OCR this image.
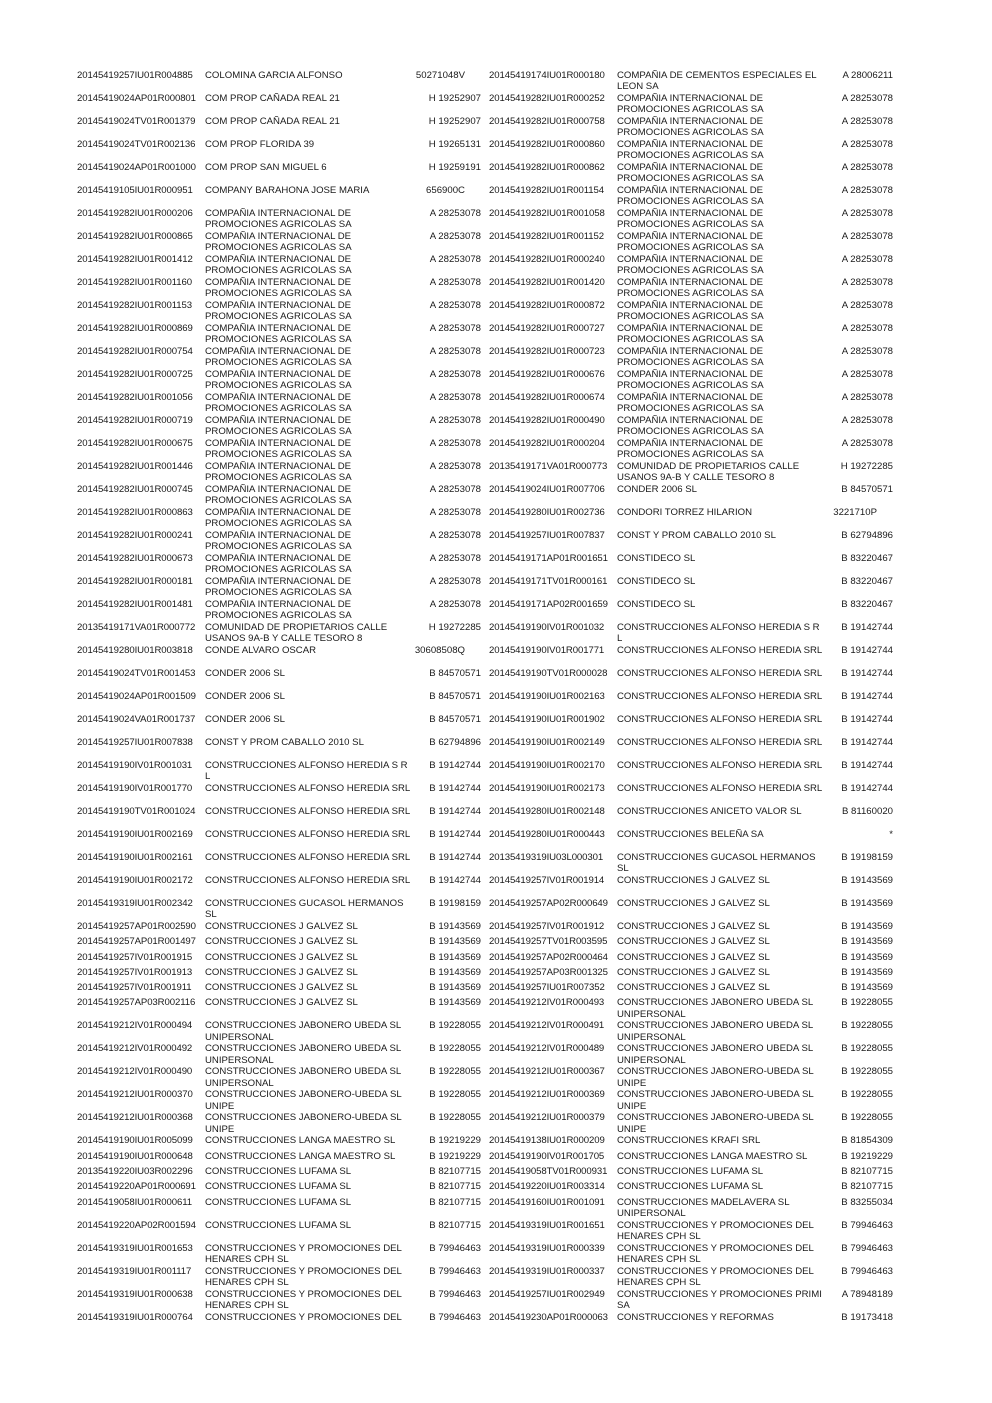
20145419257IU01R004885 COLOMINA GARCIA ALFONSO	50271048V
20145419024AP01R000801 COM PROP CAÑADA REAL 21	H 19252907
20145419024TV01R001379 COM PROP CAÑADA REAL 21	H 19252907
20145419024TV01R002136 COM PROP FLORIDA 39	H 19265131
20145419024AP01R001000 COM PROP SAN MIGUEL 6	H 19259191
20145419105IU01R000951 COMPANY BARAHONA JOSE MARIA	656900C
20145419282IU01R000206 COMPAÑIA INTERNACIONAL DE PROMOCIONES AGRICOLAS SA
A 28253078
20145419282IU01R000865 COMPAÑIA INTERNACIONAL DE PROMOCIONES AGRICOLAS SA
A 28253078
20145419282IU01R001412 COMPAÑIA INTERNACIONAL DE PROMOCIONES AGRICOLAS SA
A 28253078
20145419282IU01R001160 COMPAÑIA INTERNACIONAL DE PROMOCIONES AGRICOLAS SA
A 28253078
20145419282IU01R001153 COMPAÑIA INTERNACIONAL DE PROMOCIONES AGRICOLAS SA
A 28253078
20145419282IU01R000869 COMPAÑIA INTERNACIONAL DE PROMOCIONES AGRICOLAS SA
A 28253078
20145419282IU01R000754 COMPAÑIA INTERNACIONAL DE PROMOCIONES AGRICOLAS SA
A 28253078
20145419282IU01R000725 COMPAÑIA INTERNACIONAL DE PROMOCIONES AGRICOLAS SA
A 28253078
20145419282IU01R001056 COMPAÑIA INTERNACIONAL DE PROMOCIONES AGRICOLAS SA
A 28253078
20145419282IU01R000719 COMPAÑIA INTERNACIONAL DE PROMOCIONES AGRICOLAS SA
A 28253078
20145419282IU01R000675 COMPAÑIA INTERNACIONAL DE PROMOCIONES AGRICOLAS SA
A 28253078
20145419282IU01R001446 COMPAÑIA INTERNACIONAL DE PROMOCIONES AGRICOLAS SA
A 28253078
20145419282IU01R000745 COMPAÑIA INTERNACIONAL DE PROMOCIONES AGRICOLAS SA
A 28253078
20145419282IU01R000863 COMPAÑIA INTERNACIONAL DE PROMOCIONES AGRICOLAS SA
A 28253078
20145419282IU01R000241 COMPAÑIA INTERNACIONAL DE PROMOCIONES AGRICOLAS SA
A 28253078
20145419282IU01R000673 COMPAÑIA INTERNACIONAL DE PROMOCIONES AGRICOLAS SA
A 28253078
20145419282IU01R000181 COMPAÑIA INTERNACIONAL DE PROMOCIONES AGRICOLAS SA
A 28253078
20145419282IU01R001481 COMPAÑIA INTERNACIONAL DE PROMOCIONES AGRICOLAS SA
A 28253078
20135419171VA01R000772 COMUNIDAD DE PROPIETARIOS CALLE USANOS 9A-B Y CALLE TESORO 8
H 19272285
20145419280IU01R003818 CONDE ALVARO OSCAR	30608508Q
20145419024TV01R001453 CONDER 2006 SL	B 84570571
20145419024AP01R001509 CONDER 2006 SL	B 84570571
20145419024VA01R001737 CONDER 2006 SL	B 84570571
20145419257IU01R007838 CONST Y PROM CABALLO 2010 SL	B 62794896
20145419190IV01R001031 CONSTRUCCIONES ALFONSO HEREDIA S R L
B 19142744
20145419190IV01R001770 CONSTRUCCIONES ALFONSO HEREDIA SRL	B 19142744
20145419190TV01R001024 CONSTRUCCIONES ALFONSO HEREDIA SRL	B 19142744
20145419190IU01R002169 CONSTRUCCIONES ALFONSO HEREDIA SRL	B 19142744
20145419190IU01R002161 CONSTRUCCIONES ALFONSO HEREDIA SRL	B 19142744
20145419190IU01R002172 CONSTRUCCIONES ALFONSO HEREDIA SRL	B 19142744
20145419319IU01R002342 CONSTRUCCIONES GUCASOL HERMANOS SL
B 19198159
20145419257AP01R002590 CONSTRUCCIONES J GALVEZ SL	B 19143569
20145419257AP01R001497 CONSTRUCCIONES J GALVEZ SL	B 19143569
20145419257IV01R001915 CONSTRUCCIONES J GALVEZ SL	B 19143569
20145419257IV01R001913 CONSTRUCCIONES J GALVEZ SL	B 19143569
20145419257IV01R001911 CONSTRUCCIONES J GALVEZ SL	B 19143569
20145419257AP03R002116 CONSTRUCCIONES J GALVEZ SL	B 19143569
20145419212IV01R000494 CONSTRUCCIONES JABONERO UBEDA SL UNIPERSONAL
B 19228055
20145419212IV01R000492 CONSTRUCCIONES JABONERO UBEDA SL UNIPERSONAL
B 19228055
20145419212IV01R000490 CONSTRUCCIONES JABONERO UBEDA SL UNIPERSONAL
B 19228055
20145419212IU01R000370 CONSTRUCCIONES JABONERO-UBEDA SL UNIPE
B 19228055
20145419212IU01R000368 CONSTRUCCIONES JABONERO-UBEDA SL UNIPE
B 19228055
20145419190IU01R005099 CONSTRUCCIONES LANGA MAESTRO SL	B 19219229
20145419190IU01R000648 CONSTRUCCIONES LANGA MAESTRO SL	B 19219229
20135419220IU03R002296 CONSTRUCCIONES LUFAMA SL	B 82107715
20145419220AP01R000691 CONSTRUCCIONES LUFAMA SL	B 82107715
20145419058IU01R000611 CONSTRUCCIONES LUFAMA SL	B 82107715
20145419220AP02R001594 CONSTRUCCIONES LUFAMA SL	B 82107715
20145419319IU01R001653 CONSTRUCCIONES Y PROMOCIONES DEL HENARES CPH SL
B 79946463
20145419319IU01R001117 CONSTRUCCIONES Y PROMOCIONES DEL HENARES CPH SL
B 79946463
20145419319IU01R000638 CONSTRUCCIONES Y PROMOCIONES DEL HENARES CPH SL
B 79946463
20145419319IU01R000764 CONSTRUCCIONES Y PROMOCIONES DEL	B 79946463
20145419174IU01R000180 COMPAÑIA DE CEMENTOS ESPECIALES EL LEON SA
A 28006211
20145419282IU01R000252 COMPAÑIA INTERNACIONAL DE PROMOCIONES AGRICOLAS SA
A 28253078
20145419282IU01R000758 COMPAÑIA INTERNACIONAL DE PROMOCIONES AGRICOLAS SA
A 28253078
20145419282IU01R000860 COMPAÑIA INTERNACIONAL DE PROMOCIONES AGRICOLAS SA
A 28253078
20145419282IU01R000862 COMPAÑIA INTERNACIONAL DE PROMOCIONES AGRICOLAS SA
A 28253078
20145419282IU01R001154 COMPAÑIA INTERNACIONAL DE PROMOCIONES AGRICOLAS SA
A 28253078
20145419282IU01R001058 COMPAÑIA INTERNACIONAL DE PROMOCIONES AGRICOLAS SA
A 28253078
20145419282IU01R001152 COMPAÑIA INTERNACIONAL DE PROMOCIONES AGRICOLAS SA
A 28253078
20145419282IU01R000240 COMPAÑIA INTERNACIONAL DE PROMOCIONES AGRICOLAS SA
A 28253078
20145419282IU01R001420 COMPAÑIA INTERNACIONAL DE PROMOCIONES AGRICOLAS SA
A 28253078
20145419282IU01R000872 COMPAÑIA INTERNACIONAL DE PROMOCIONES AGRICOLAS SA
A 28253078
20145419282IU01R000727 COMPAÑIA INTERNACIONAL DE PROMOCIONES AGRICOLAS SA
A 28253078
20145419282IU01R000723 COMPAÑIA INTERNACIONAL DE PROMOCIONES AGRICOLAS SA
A 28253078
20145419282IU01R000676 COMPAÑIA INTERNACIONAL DE PROMOCIONES AGRICOLAS SA
A 28253078
20145419282IU01R000674 COMPAÑIA INTERNACIONAL DE PROMOCIONES AGRICOLAS SA
A 28253078
20145419282IU01R000490 COMPAÑIA INTERNACIONAL DE PROMOCIONES AGRICOLAS SA
A 28253078
20145419282IU01R000204 COMPAÑIA INTERNACIONAL DE PROMOCIONES AGRICOLAS SA
A 28253078
20135419171VA01R000773 COMUNIDAD DE PROPIETARIOS CALLE USANOS 9A-B Y CALLE TESORO 8
H 19272285
20145419024IU01R007706 CONDER 2006 SL	B 84570571
20145419280IU01R002736 CONDORI TORREZ HILARION	3221710P
20145419257IU01R007837 CONST Y PROM CABALLO 2010 SL	B 62794896
20145419171AP01R001651 CONSTIDECO SL	B 83220467
20145419171TV01R000161 CONSTIDECO SL	B 83220467
20145419171AP02R001659 CONSTIDECO SL	B 83220467
20145419190IV01R001032 CONSTRUCCIONES ALFONSO HEREDIA S R L
B 19142744
20145419190IV01R001771 CONSTRUCCIONES ALFONSO HEREDIA SRL	B 19142744
20145419190TV01R000028 CONSTRUCCIONES ALFONSO HEREDIA SRL	B 19142744
20145419190IU01R002163 CONSTRUCCIONES ALFONSO HEREDIA SRL	B 19142744
20145419190IU01R001902 CONSTRUCCIONES ALFONSO HEREDIA SRL	B 19142744
20145419190IU01R002149 CONSTRUCCIONES ALFONSO HEREDIA SRL	B 19142744
20145419190IU01R002170 CONSTRUCCIONES ALFONSO HEREDIA SRL	B 19142744
20145419190IU01R002173 CONSTRUCCIONES ALFONSO HEREDIA SRL	B 19142744
20145419280IU01R002148 CONSTRUCCIONES ANICETO VALOR SL	B 81160020
20145419280IU01R000443 CONSTRUCCIONES BELEÑA SA	*
20135419319IU03L000301 CONSTRUCCIONES GUCASOL HERMANOS SL
B 19198159
20145419257IV01R001914 CONSTRUCCIONES J GALVEZ SL	B 19143569
20145419257AP02R000649 CONSTRUCCIONES J GALVEZ SL	B 19143569
20145419257IV01R001912 CONSTRUCCIONES J GALVEZ SL	B 19143569
20145419257TV01R003595 CONSTRUCCIONES J GALVEZ SL	B 19143569
20145419257AP02R000464 CONSTRUCCIONES J GALVEZ SL	B 19143569
20145419257AP03R001325 CONSTRUCCIONES J GALVEZ SL	B 19143569
20145419257IU01R007352 CONSTRUCCIONES J GALVEZ SL	B 19143569
20145419212IV01R000493 CONSTRUCCIONES JABONERO UBEDA SL UNIPERSONAL
B 19228055
20145419212IV01R000491 CONSTRUCCIONES JABONERO UBEDA SL UNIPERSONAL
B 19228055
20145419212IV01R000489 CONSTRUCCIONES JABONERO UBEDA SL UNIPERSONAL
B 19228055
20145419212IU01R000367 CONSTRUCCIONES JABONERO-UBEDA SL UNIPE
B 19228055
20145419212IU01R000369 CONSTRUCCIONES JABONERO-UBEDA SL UNIPE
B 19228055
20145419212IU01R000379 CONSTRUCCIONES JABONERO-UBEDA SL UNIPE
B 19228055
20145419138IU01R000209 CONSTRUCCIONES KRAFI SRL	B 81854309
20145419190IV01R001705 CONSTRUCCIONES LANGA MAESTRO SL	B 19219229
20145419058TV01R000931 CONSTRUCCIONES LUFAMA SL	B 82107715
20145419220IU01R003314 CONSTRUCCIONES LUFAMA SL	B 82107715
20145419160IU01R001091 CONSTRUCCIONES MADELAVERA SL UNIPERSONAL
B 83255034
20145419319IU01R001651 CONSTRUCCIONES Y PROMOCIONES DEL HENARES CPH SL
B 79946463
20145419319IU01R000339 CONSTRUCCIONES Y PROMOCIONES DEL HENARES CPH SL
B 79946463
20145419319IU01R000337 CONSTRUCCIONES Y PROMOCIONES DEL HENARES CPH SL
B 79946463
20145419257IU01R002949 CONSTRUCCIONES Y PROMOCIONES PRIMI SA
A 78948189
20145419230AP01R000063 CONSTRUCCIONES Y REFORMAS	B 19173418
